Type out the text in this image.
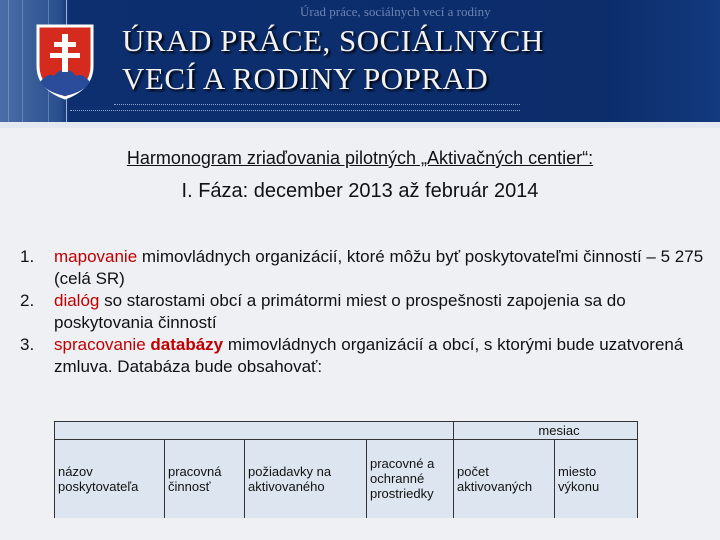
Úrad práce, sociálnych vecí a rodiny
ÚRAD PRÁCE, SOCIÁLNYCH
VECÍ A RODINY POPRAD
Harmonogram zriaďovania pilotných „Aktivačných centier“:
I. Fáza: december 2013 až február 2014
1. mapovanie mimovládnych organizácií, ktoré môžu byť poskytovateľmi činností – 5 275 (celá SR)
2. dialóg so starostami obcí a primátormi miest o prospešnosti zapojenia sa do poskytovania činností
3. spracovanie databázy mimovládnych organizácií a obcí, s ktorými bude uzatvorená zmluva. Databáza bude obsahovať:
				mesiac	
názov poskytovateľa	pracovná činnosť	požiadavky na aktivovaného	pracovné a ochranné prostriedky	počet aktivovaných	miesto výkonu
